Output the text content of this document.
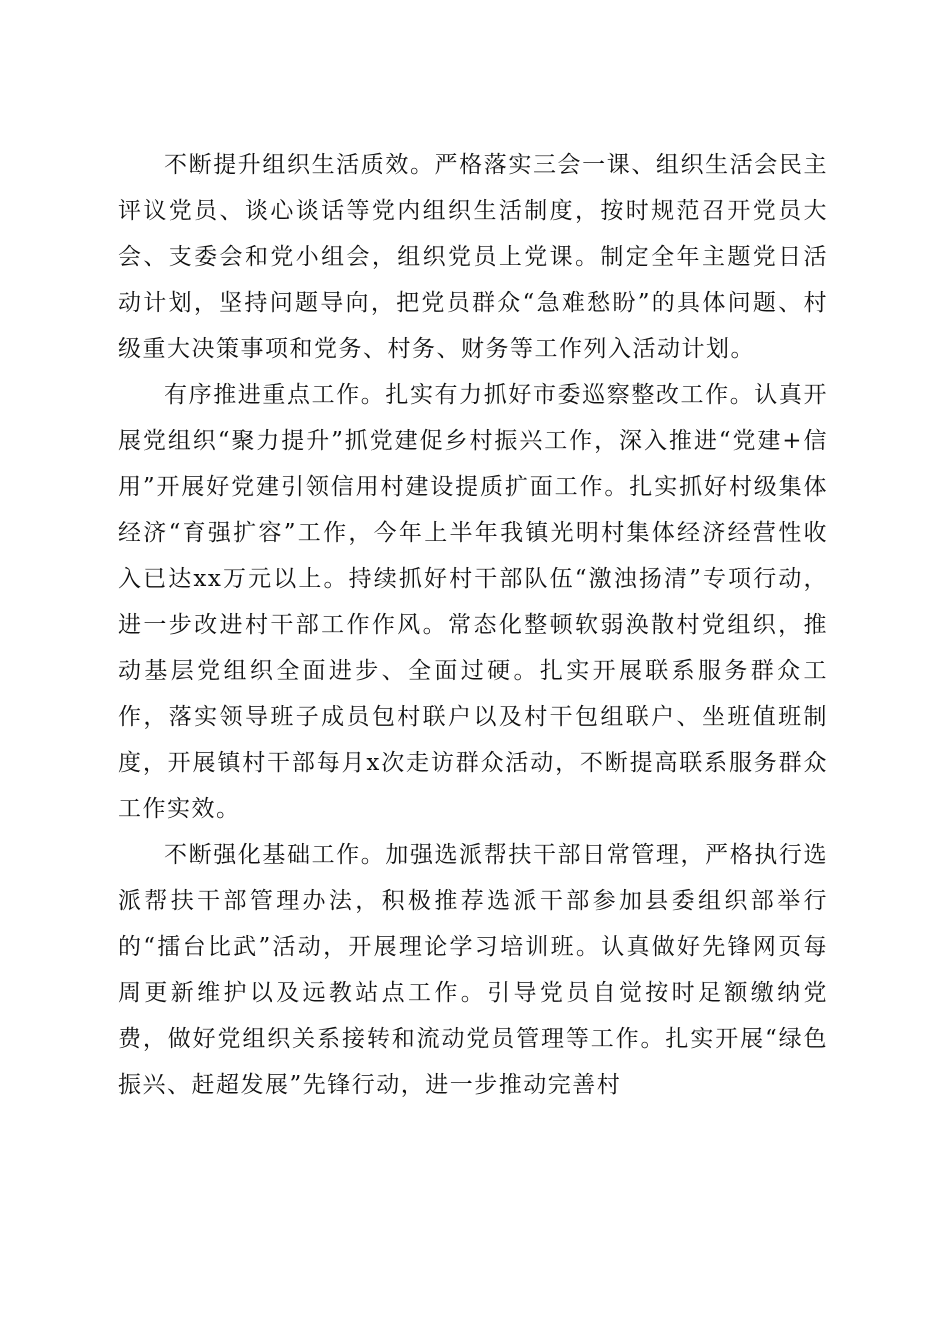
不断提升组织生活质效。严格落实三会一课、组织生活会民主评议党员、谈心谈话等党内组织生活制度，按时规范召开党员大会、支委会和党小组会，组织党员上党课。制定全年主题党日活动计划，坚持问题导向，把党员群众“急难愁盼”的具体问题、村级重大决策事项和党务、村务、财务等工作列入活动计划。

有序推进重点工作。扎实有力抓好市委巡察整改工作。认真开展党组织“聚力提升”抓党建促乡村振兴工作，深入推进“党建+信用”开展好党建引领信用村建设提质扩面工作。扎实抓好村级集体经济“育强扩容”工作，今年上半年我镇光明村集体经济经营性收入已达xx万元以上。持续抓好村干部队伍“激浊扬清”专项行动，进一步改进村干部工作作风。常态化整顿软弱涣散村党组织，推动基层党组织全面进步、全面过硬。扎实开展联系服务群众工作，落实领导班子成员包村联户以及村干包组联户、坐班值班制度，开展镇村干部每月x次走访群众活动，不断提高联系服务群众工作实效。

不断强化基础工作。加强选派帮扶干部日常管理，严格执行选派帮扶干部管理办法，积极推荐选派干部参加县委组织部举行的“擂台比武”活动，开展理论学习培训班。认真做好先锋网页每周更新维护以及远教站点工作。引导党员自觉按时足额缴纳党费，做好党组织关系接转和流动党员管理等工作。扎实开展“绿色振兴、赶超发展”先锋行动，进一步推动完善村
